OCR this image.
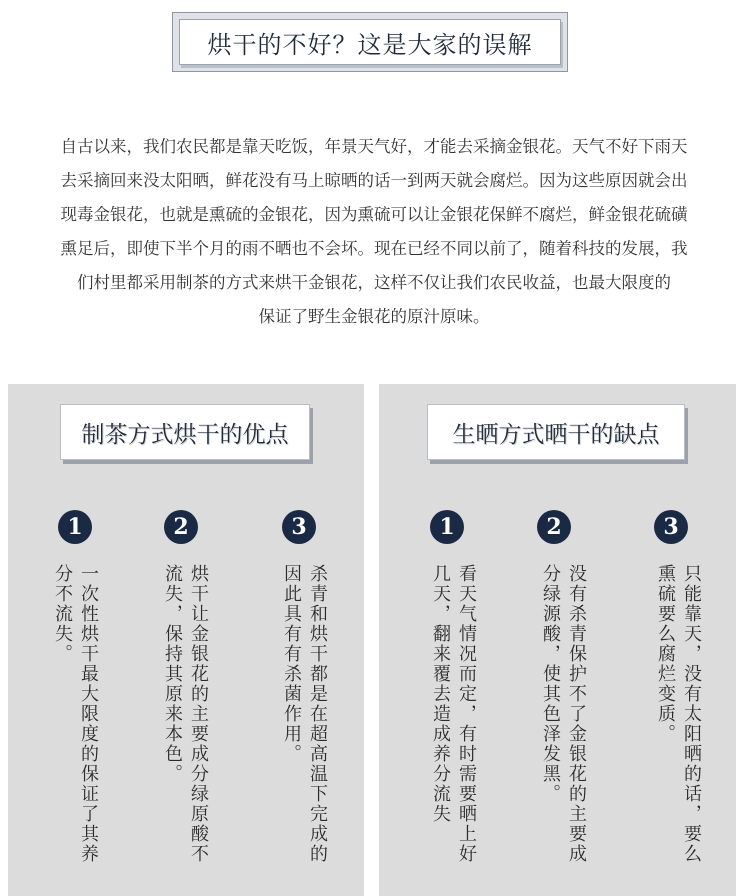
烘干的不好？这是大家的误解
自古以来，我们农民都是靠天吃饭，年景天气好，才能去采摘金银花。天气不好下雨天
去采摘回来没太阳晒，鲜花没有马上晾晒的话一到两天就会腐烂。因为这些原因就会出
现毒金银花，也就是熏硫的金银花，因为熏硫可以让金银花保鲜不腐烂，鲜金银花硫磺
熏足后，即使下半个月的雨不晒也不会坏。现在已经不同以前了，随着科技的发展，我
们村里都采用制茶的方式来烘干金银花，这样不仅让我们农民收益，也最大限度的
保证了野生金银花的原汁原味。
制茶方式烘干的优点
1
一次性烘干最大限度的保证了其养分不流失。
2
烘干让金银花的主要成分绿原酸不流失，保持其原来本色。
3
杀青和烘干都是在超高温下完成的因此具有有杀菌作用。
生晒方式晒干的缺点
1
看天气情况而定，有时需要晒上好几天，翻来覆去造成养分流失
2
没有杀青保护不了金银花的主要成分绿源酸，使其色泽发黑。
3
只能靠天，没有太阳晒的话，要么熏硫要么腐烂变质。
